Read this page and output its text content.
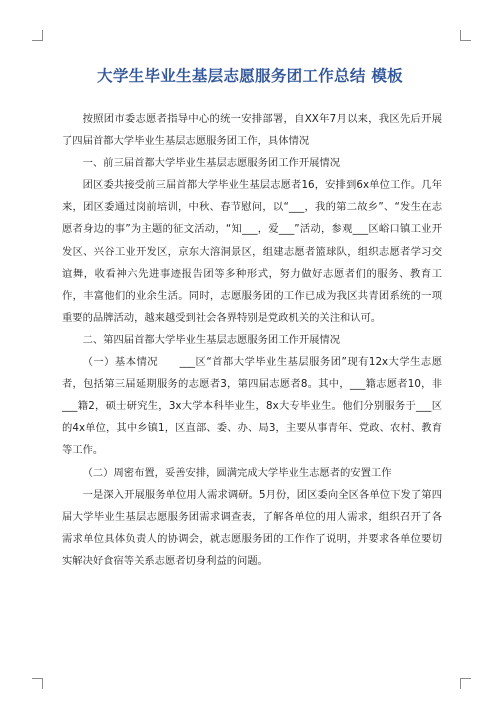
大学生毕业生基层志愿服务团工作总结 模板

按照团市委志愿者指导中心的统一安排部署，自XX年7月以来，我区先后开展了四届首都大学毕业生基层志愿服务团工作，具体情况

一、前三届首都大学毕业生基层志愿服务团工作开展情况

团区委共接受前三届首都大学毕业生基层志愿者16，安排到6x单位工作。几年来，团区委通过岗前培训，中秋、春节慰问，以“___，我的第二故乡”、“发生在志愿者身边的事”为主题的征文活动，“知___，爱___”活动，参观___区峪口镇工业开发区、兴谷工业开发区，京东大溶洞景区，组建志愿者篮球队，组织志愿者学习交谊舞，收看神六先进事迹报告团等多种形式，努力做好志愿者们的服务、教育工作，丰富他们的业余生活。同时，志愿服务团的工作已成为我区共青团系统的一项重要的品牌活动，越来越受到社会各界特别是党政机关的关注和认可。

二、第四届首都大学毕业生基层志愿服务团工作开展情况

（一）基本情况　　___区“首都大学毕业生基层服务团”现有12x大学生志愿者，包括第三届延期服务的志愿者3，第四届志愿者8。其中，___籍志愿者10，非___籍2，硕士研究生，3x大学本科毕业生，8x大专毕业生。他们分别服务于___区的4x单位，其中乡镇1，区直部、委、办、局3，主要从事青年、党政、农村、教育等工作。

（二）周密布置，妥善安排，圆满完成大学毕业生志愿者的安置工作

一是深入开展服务单位用人需求调研。5月份，团区委向全区各单位下发了第四届大学毕业生基层志愿服务团需求调查表，了解各单位的用人需求，组织召开了各需求单位具体负责人的协调会，就志愿服务团的工作作了说明，并要求各单位要切实解决好食宿等关系志愿者切身利益的问题。
